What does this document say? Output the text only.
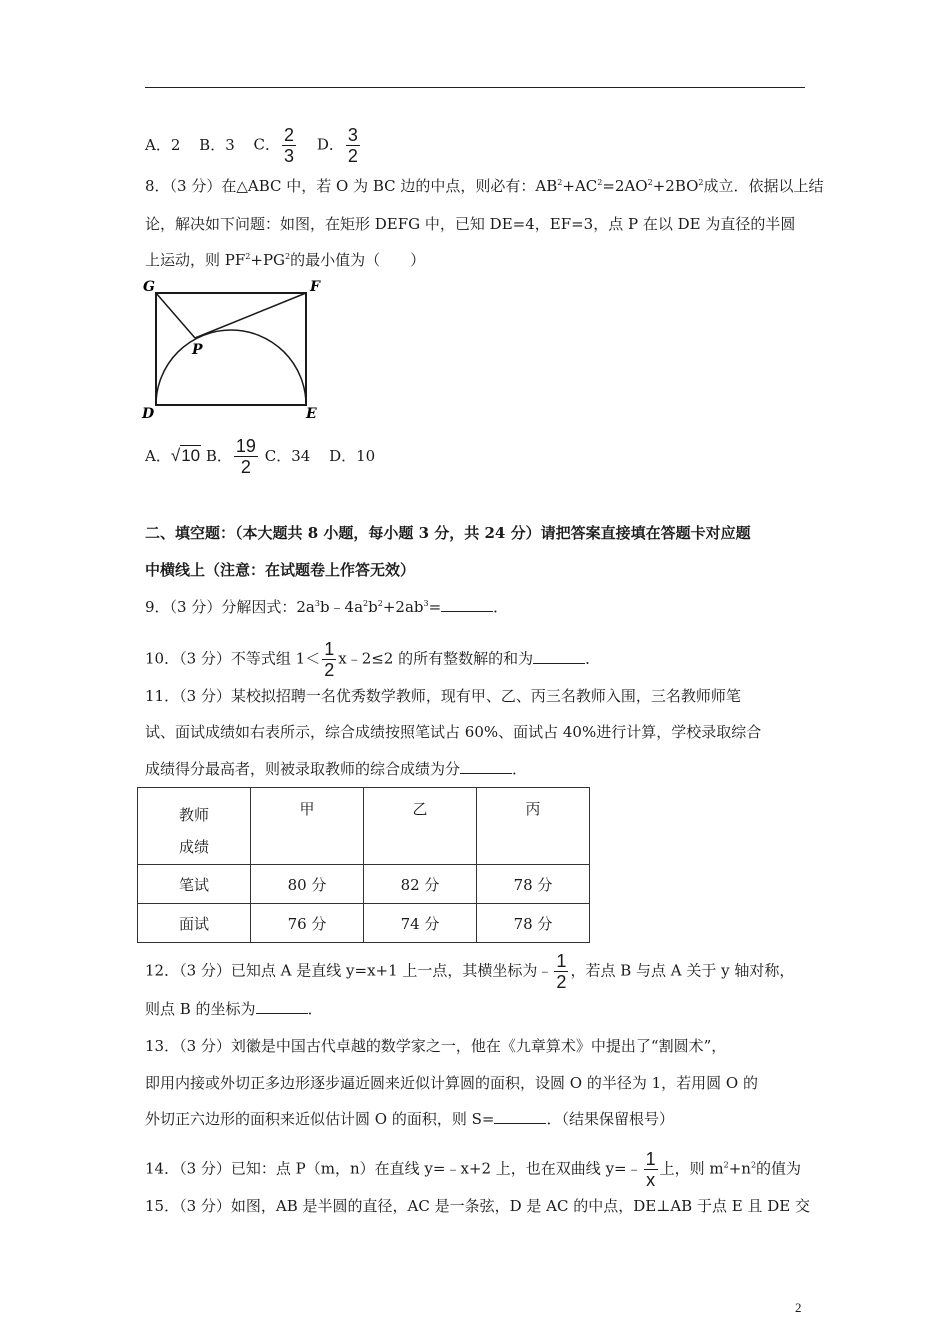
A．2 B．3 C． $\frac{2}{3}$ D． $\frac{3}{2}$
8．（3 分）在△ABC 中，若 O 为 BC 边的中点，则必有：$AB^2+AC^2=2AO^2+2BO^2$成立．依据以上结
论，解决如下问题：如图，在矩形 DEFG 中，已知 DE=4，EF=3，点 P 在以 DE 为直径的半圆
上运动，则 $PF^2+PG^2$的最小值为（　　）
G	F
P
D	E
A．√10 B． $\frac{19}{2}$ C．34 D．10
二、填空题：（本大题共 8 小题，每小题 3 分，共 24 分）请把答案直接填在答题卡对应题
中横线上（注意：在试题卷上作答无效）
9．（3 分）分解因式：$2a^3b﹣4a^2b^2+2ab^3=$	．
10．（3 分）不等式组 $1< \frac{1}{2}$ x﹣2≤2 的所有整数解的和为	．
11．（3 分）某校拟招聘一名优秀数学教师，现有甲、乙、丙三名教师入围，三名教师师笔
试、面试成绩如右表所示，综合成绩按照笔试占 60%、面试占 40%进行计算，学校录取综合
成绩得分最高者，则被录取教师的综合成绩为分	．
教师
成绩	甲	乙	丙
笔试	80 分	82 分	78 分
面试	76 分	74 分	78 分
12．（3 分）已知点 A 是直线 y=x+1 上一点，其横坐标为﹣ $\frac{1}{2}$ ，若点 B 与点 A 关于 y 轴对称，
则点 B 的坐标为	．
13．（3 分）刘徽是中国古代卓越的数学家之一，他在《九章算术》中提出了“割圆术”，
即用内接或外切正多边形逐步逼近圆来近似计算圆的面积，设圆 O 的半径为 1，若用圆 O 的
外切正六边形的面积来近似估计圆 O 的面积，则 S=	．（结果保留根号）
14．（3 分）已知：点 P（m，n）在直线 y=﹣x+2 上，也在双曲线 y=﹣ $\frac{1}{x}$ 上，则 $m^2+n^2$的值为
15．（3 分）如图，AB 是半圆的直径，AC 是一条弦，D 是 AC 的中点，DE⊥AB 于点 E 且 DE 交
2
